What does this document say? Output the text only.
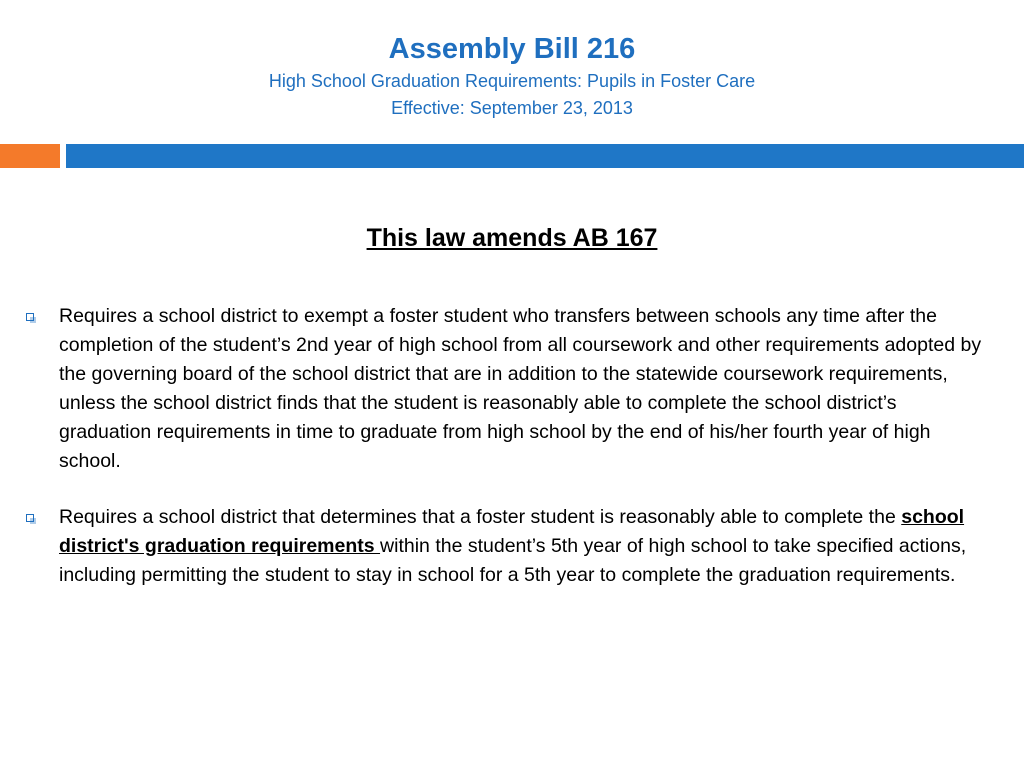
Assembly Bill 216
High School Graduation Requirements: Pupils in Foster Care
Effective: September 23, 2013
This law amends AB 167
Requires a school district to exempt a foster student who transfers between schools any time after the completion of the student’s 2nd year of high school from all coursework and other requirements adopted by the governing board of the school district that are in addition to the statewide coursework requirements, unless the school district finds that the student is reasonably able to complete the school district’s graduation requirements in time to graduate from high school by the end of his/her fourth year of high school.
Requires a school district that determines that a foster student is reasonably able to complete the school district's graduation requirements within the student’s 5th year of high school to take specified actions, including permitting the student to stay in school for a 5th year to complete the graduation requirements.
